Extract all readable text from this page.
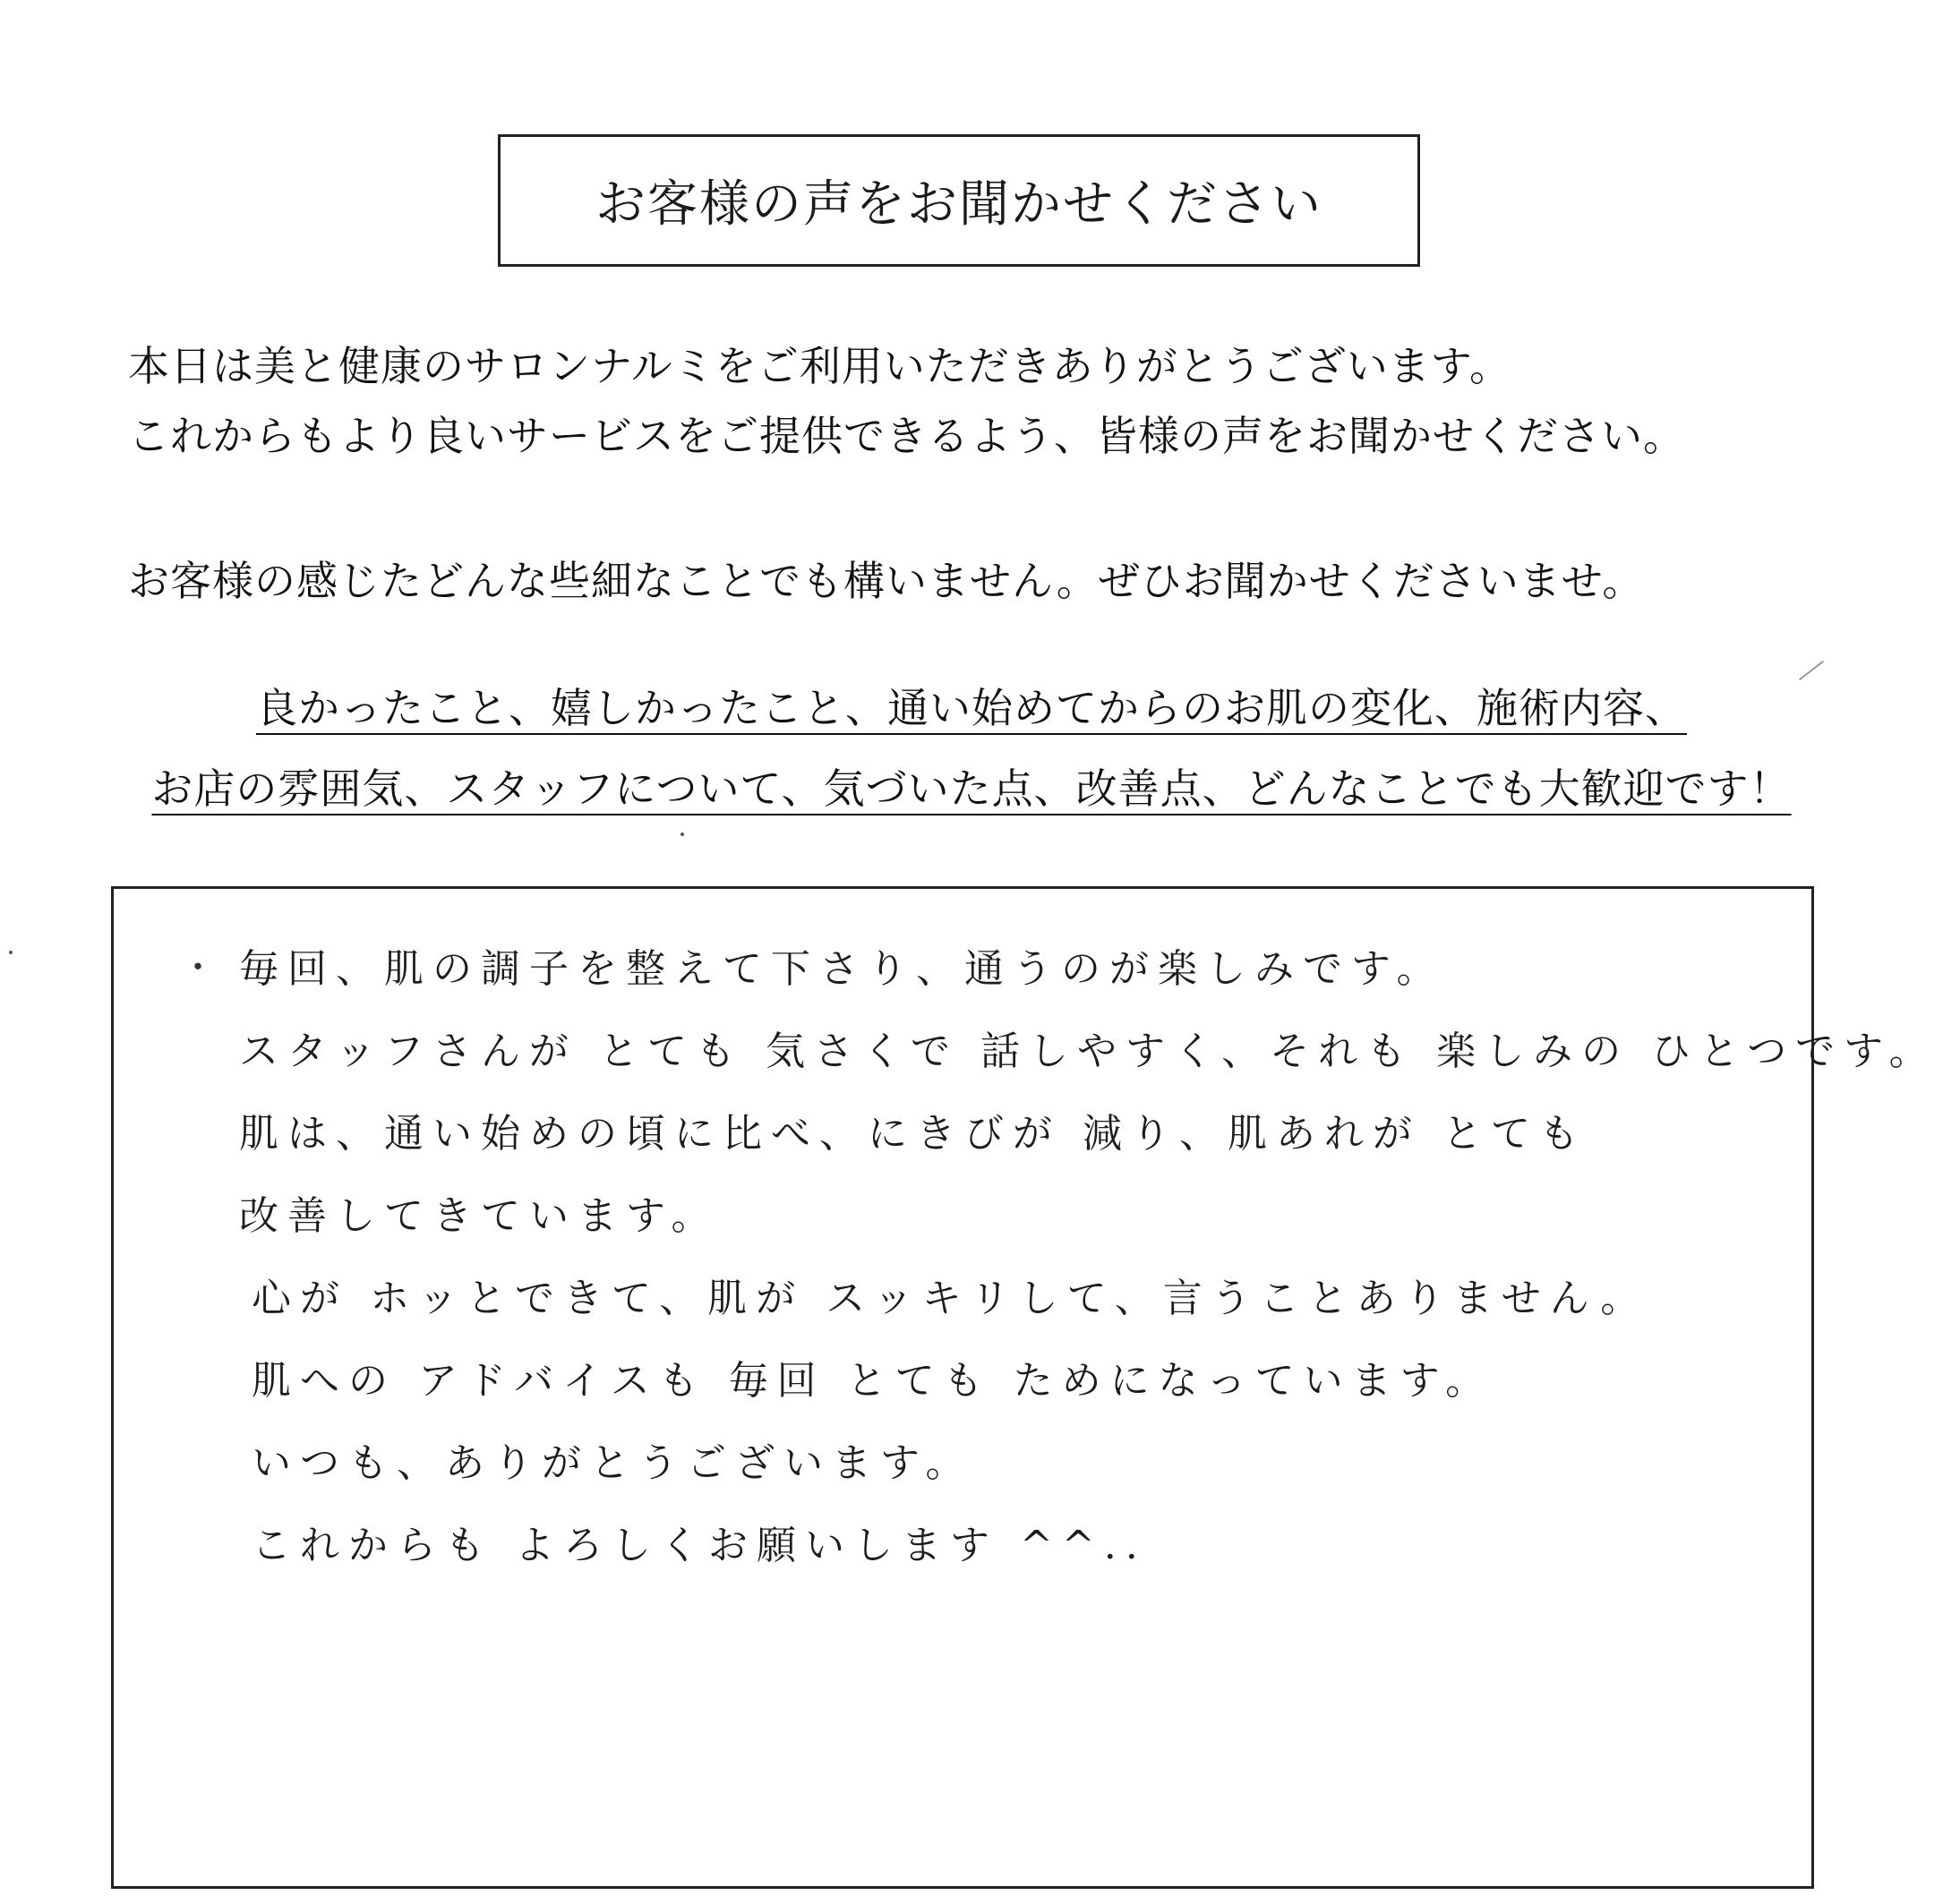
お客様の声をお聞かせください

本日は美と健康のサロンナルミをご利用いただきありがとうございます。

これからもより良いサービスをご提供できるよう、皆様の声をお聞かせください。

お客様の感じたどんな些細なことでも構いません。ぜひお聞かせくださいませ。

良かったこと、嬉しかったこと、通い始めてからのお肌の変化、施術内容、

お店の雰囲気、スタッフについて、気づいた点、改善点、どんなことでも大歓迎です！

・ 毎回、肌の調子を整えて下さり、通うのが楽しみです。
スタッフさんが とても 気さくで 話しやすく、それも 楽しみの ひとつです。
肌は、通い始めの頃に比べ、にきびが 減り、肌あれが とても
改善してきています。
心が ホッとできて、肌が スッキリして、言うことありません。
肌への アドバイスも 毎回 とても ためになっています。
いつも、ありがとうございます。
これからも よろしくお願いします ^^..
